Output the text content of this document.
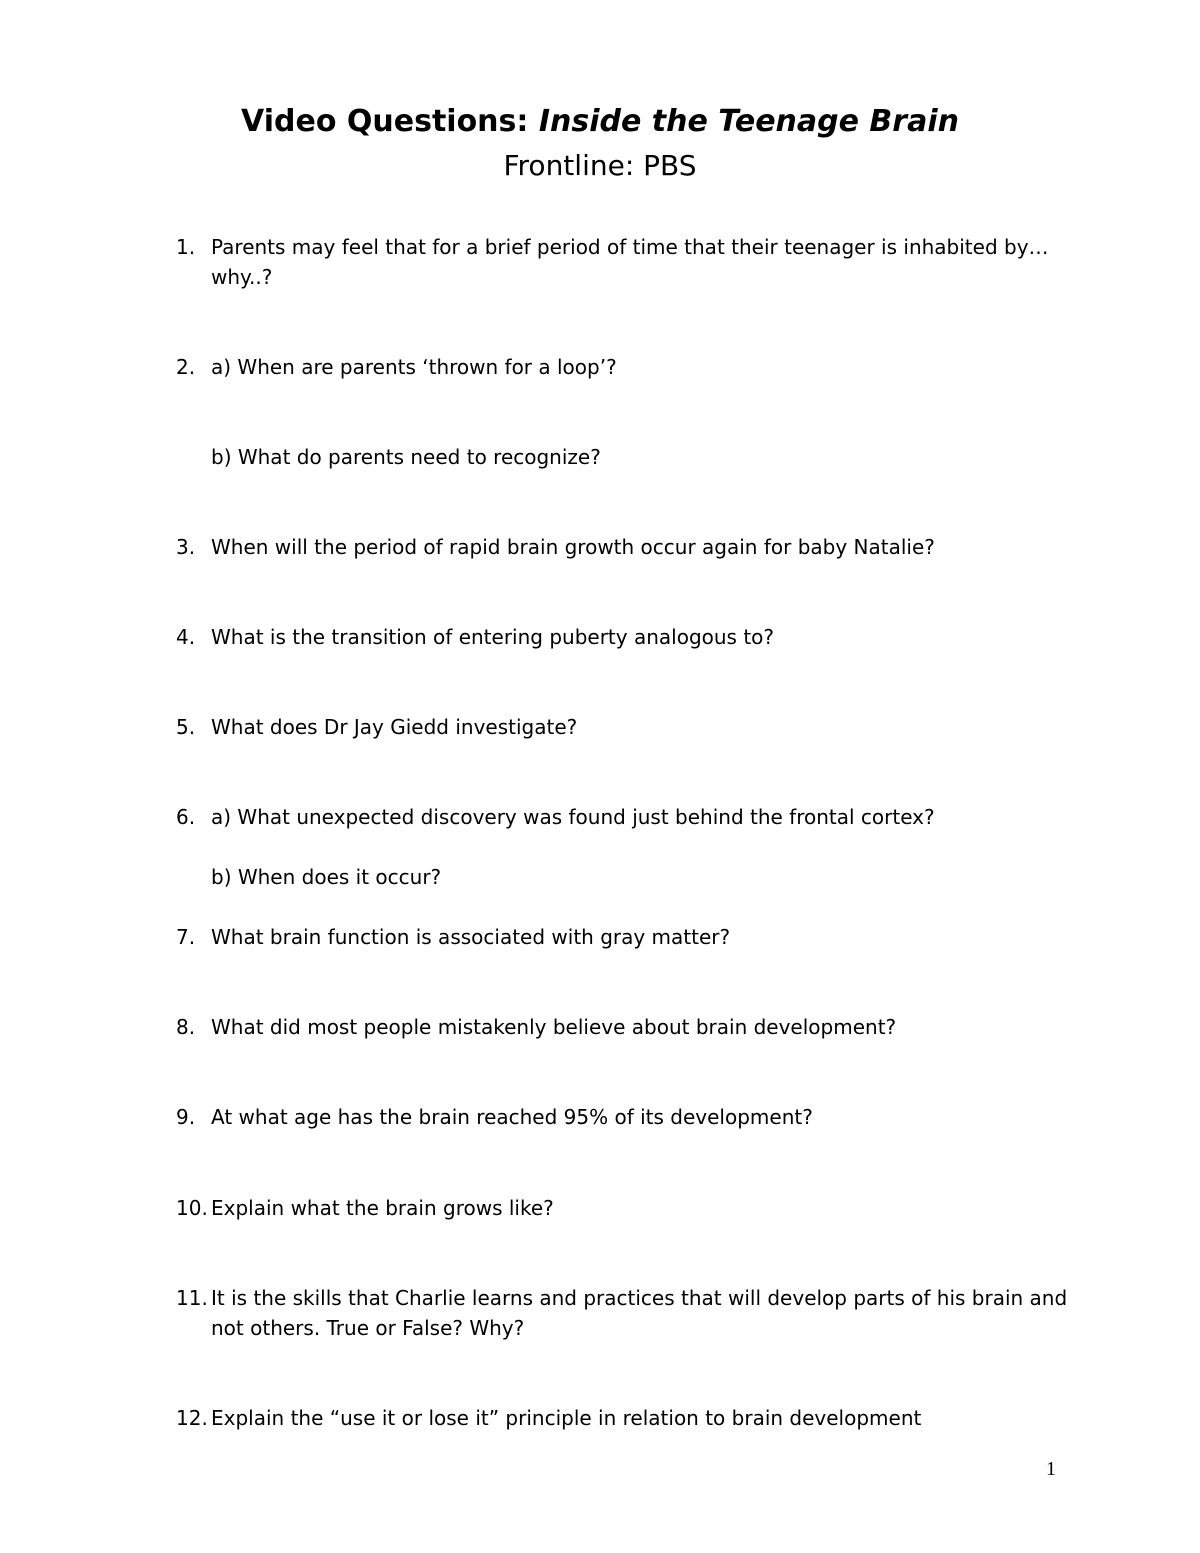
Video Questions: Inside the Teenage Brain

Frontline: PBS

1. Parents may feel that for a brief period of time that their teenager is inhabited by… why..?
2. a) When are parents ‘thrown for a loop’?
b) What do parents need to recognize?
3. When will the period of rapid brain growth occur again for baby Natalie?
4. What is the transition of entering puberty analogous to?
5. What does Dr Jay Giedd investigate?
6. a) What unexpected discovery was found just behind the frontal cortex?
b) When does it occur?
7. What brain function is associated with gray matter?
8. What did most people mistakenly believe about brain development?
9. At what age has the brain reached 95% of its development?
10. Explain what the brain grows like?
11. It is the skills that Charlie learns and practices that will develop parts of his brain and not others. True or False? Why?
12. Explain the “use it or lose it” principle in relation to brain development
1
